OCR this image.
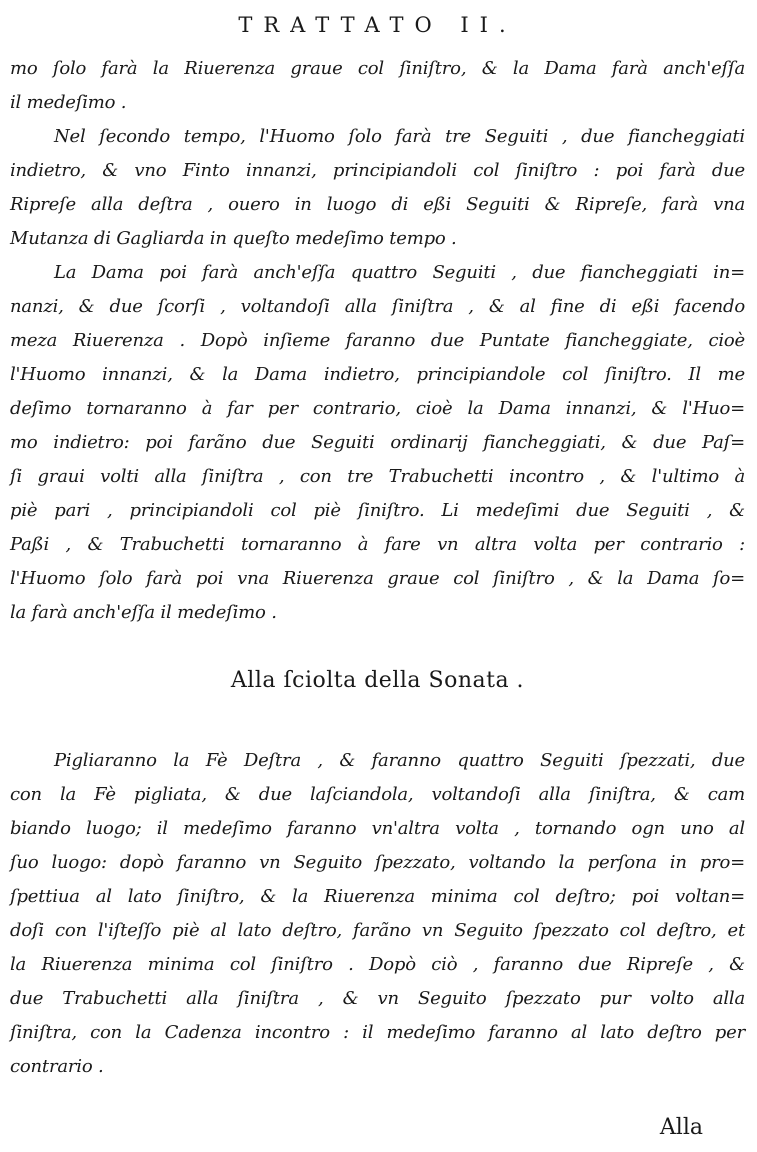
TRATTATO II.
mo ſolo farà la Riuerenza graue col ſiniſtro, & la Dama farà anch'eſſa
il medeſimo .
Nel ſecondo tempo, l'Huomo ſolo farà tre Seguiti , due fiancheggiati
indietro, & vno Finto innanzi, principiandoli col ſiniſtro : poi farà due
Ripreſe alla deſtra , ouero in luogo di eßi Seguiti & Ripreſe, farà vna
Mutanza di Gagliarda in queſto medeſimo tempo .
La Dama poi farà anch'eſſa quattro Seguiti , due fiancheggiati in=
nanzi, & due ſcorſi , voltandoſi alla ſiniſtra , & al fine di eßi facendo
meza Riuerenza . Dopò inſieme faranno due Puntate fiancheggiate, cioè
l'Huomo innanzi, & la Dama indietro, principiandole col ſiniſtro. Il me
deſimo tornaranno à far per contrario, cioè la Dama innanzi, & l'Huo=
mo indietro: poi farãno due Seguiti ordinarij fiancheggiati, & due Paſ=
ſi graui volti alla ſiniſtra , con tre Trabuchetti incontro , & l'ultimo à
piè pari , principiandoli col piè ſiniſtro. Li medeſimi due Seguiti , &
Paßi , & Trabuchetti tornaranno à fare vn altra volta per contrario :
l'Huomo ſolo farà poi vna Riuerenza graue col ſiniſtro , & la Dama ſo=
la farà anch'eſſa il medeſimo .
Alla ſciolta della Sonata .
Pigliaranno la Fè Deſtra , & faranno quattro Seguiti ſpezzati, due
con la Fè pigliata, & due laſciandola, voltandoſi alla ſiniſtra, & cam
biando luogo; il medeſimo faranno vn'altra volta , tornando ogn uno al
ſuo luogo: dopò faranno vn Seguito ſpezzato, voltando la perſona in pro=
ſpettiua al lato ſiniſtro, & la Riuerenza minima col deſtro; poi voltan=
doſi con l'iſteſſo piè al lato deſtro, farãno vn Seguito ſpezzato col deſtro, et
la Riuerenza minima col ſiniſtro . Dopò ciò , faranno due Ripreſe , &
due Trabuchetti alla ſiniſtra , & vn Seguito ſpezzato pur volto alla
ſiniſtra, con la Cadenza incontro : il medeſimo faranno al lato deſtro per
contrario .
Alla
